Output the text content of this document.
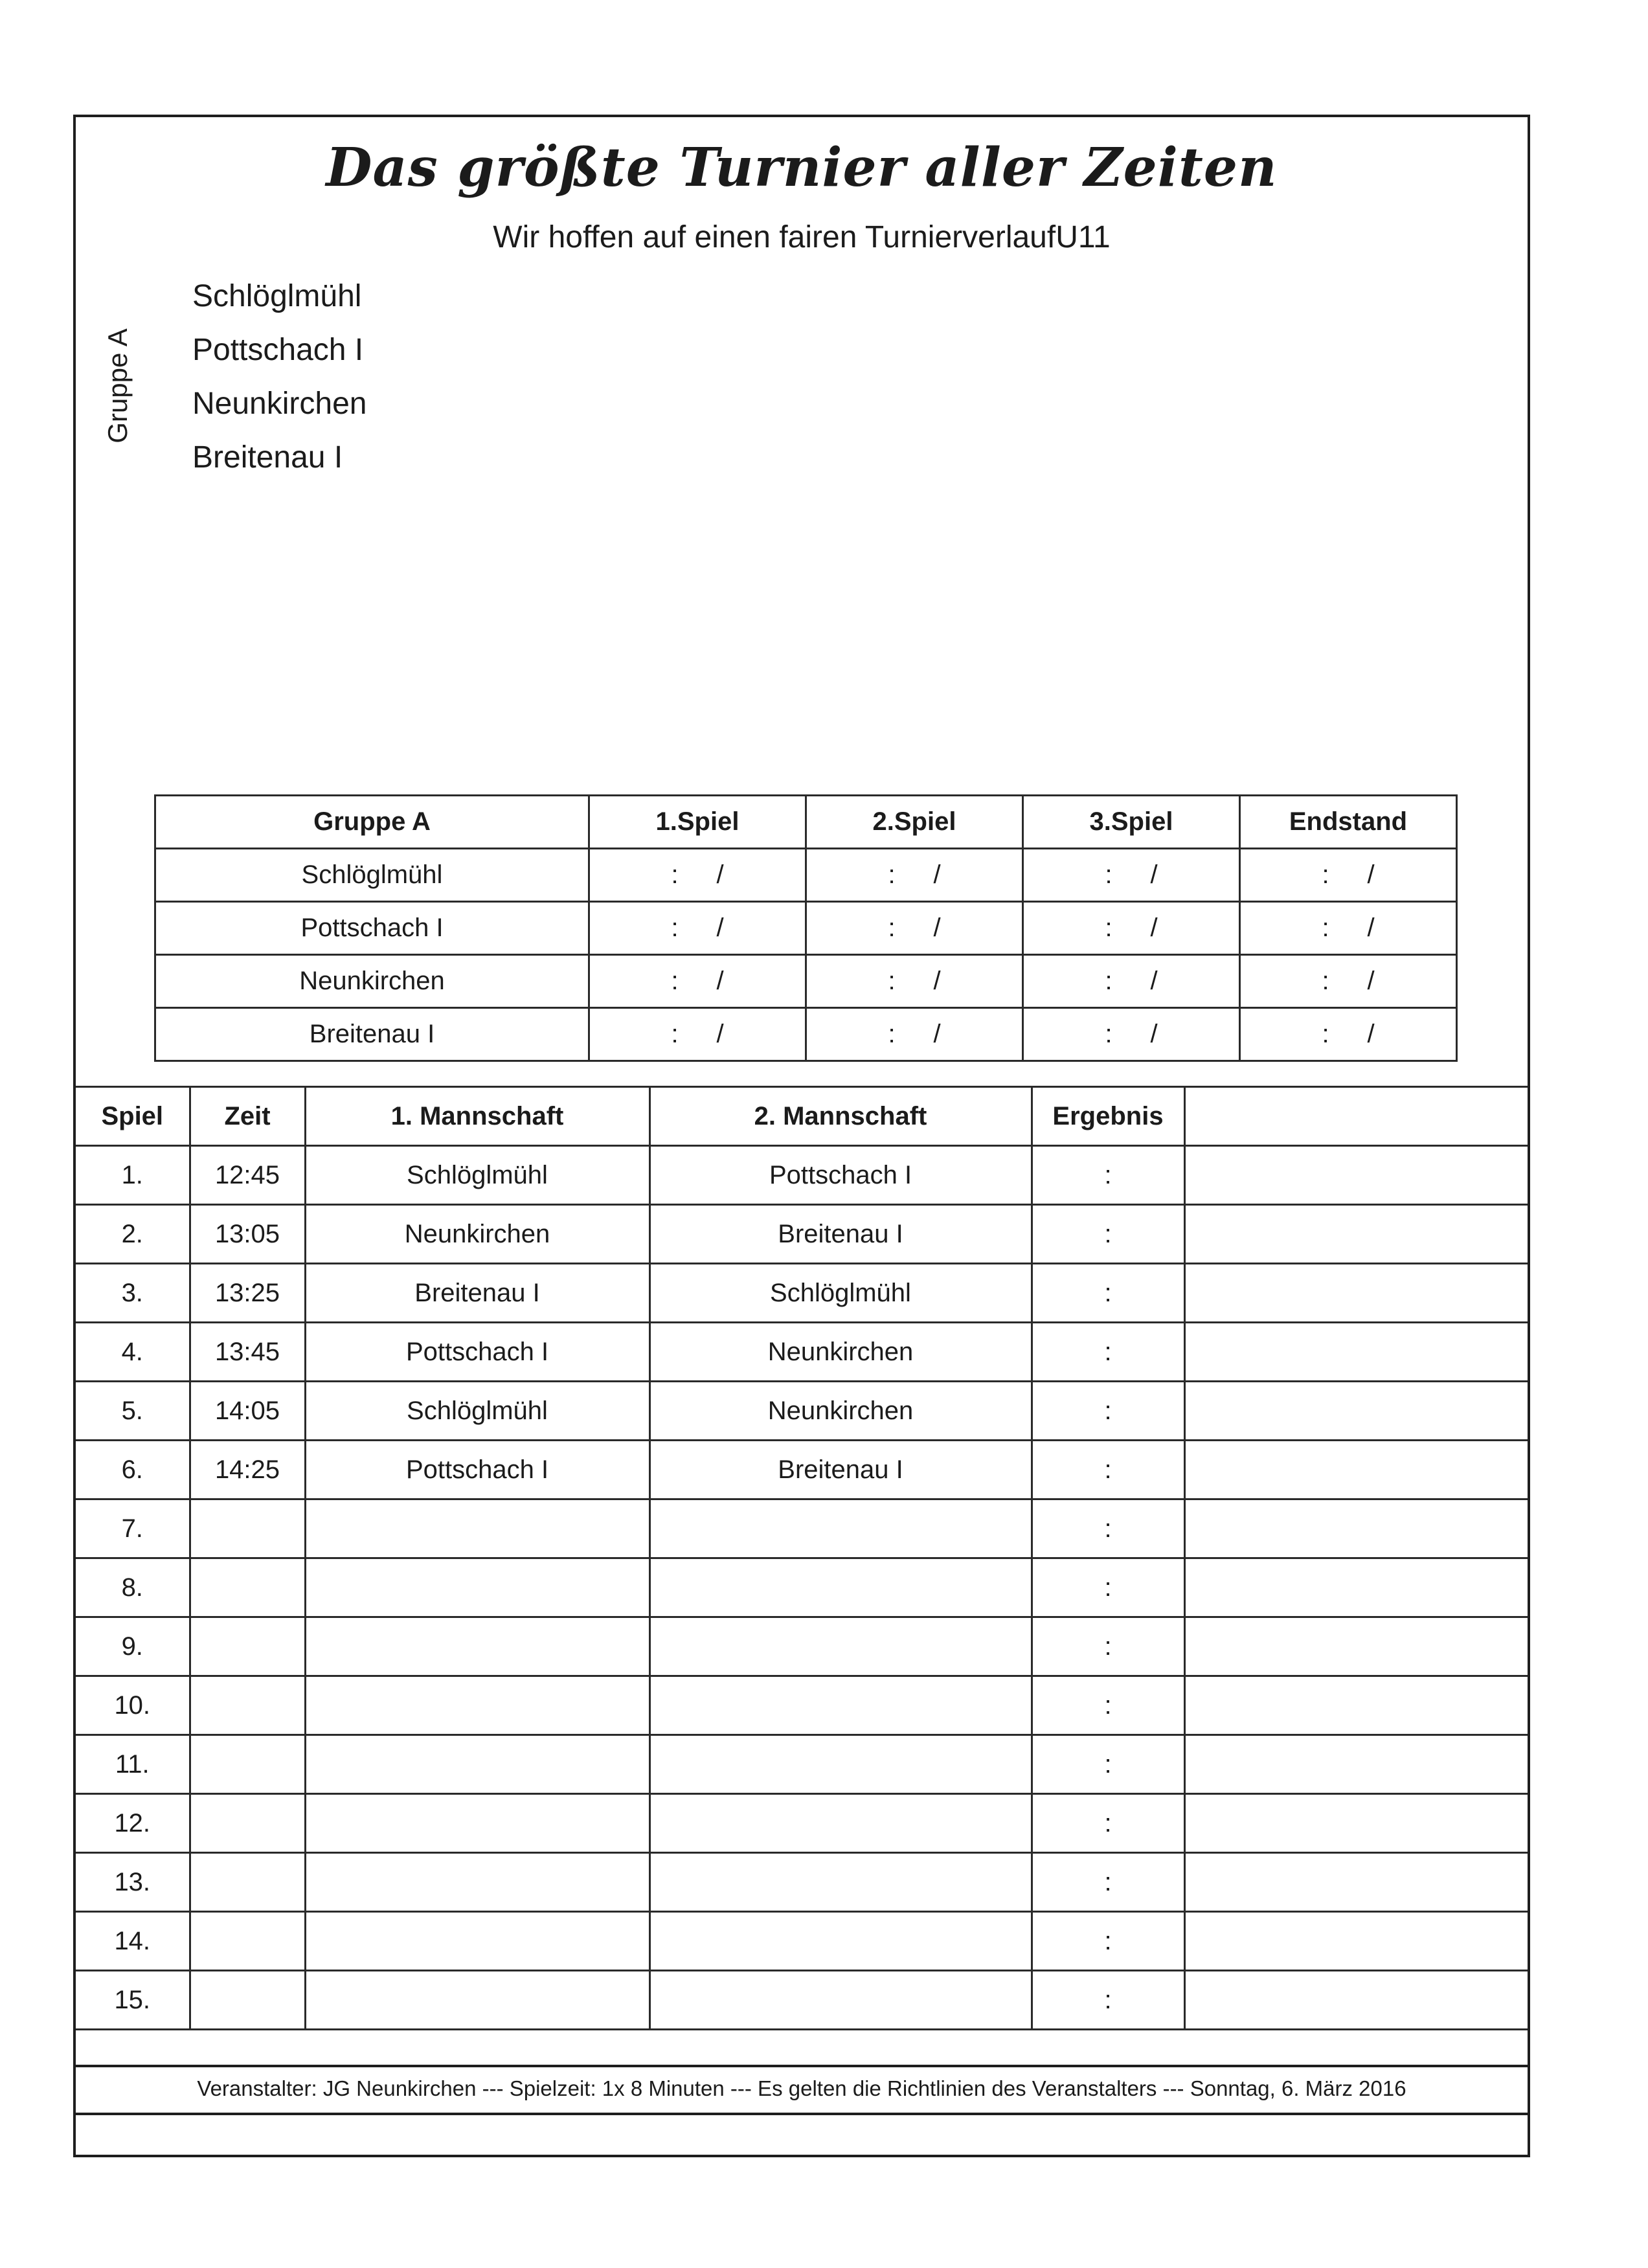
Das größte Turnier aller Zeiten
Wir hoffen auf einen fairen TurnierverlaufU11
Gruppe A
Schlöglmühl
Pottschach I
Neunkirchen
Breitenau I
Gruppe A	1.Spiel	2.Spiel	3.Spiel	Endstand
Schlöglmühl	: /	: /	: /	: /
Pottschach I	: /	: /	: /	: /
Neunkirchen	: /	: /	: /	: /
Breitenau I	: /	: /	: /	: /
Spiel	Zeit	1. Mannschaft	2. Mannschaft	Ergebnis	
1.	12:45	Schlöglmühl	Pottschach I	:	
2.	13:05	Neunkirchen	Breitenau I	:	
3.	13:25	Breitenau I	Schlöglmühl	:	
4.	13:45	Pottschach I	Neunkirchen	:	
5.	14:05	Schlöglmühl	Neunkirchen	:	
6.	14:25	Pottschach I	Breitenau I	:	
7.				:	
8.				:	
9.				:	
10.				:	
11.				:	
12.				:	
13.				:	
14.				:	
15.				:	
Veranstalter: JG Neunkirchen --- Spielzeit: 1x 8 Minuten --- Es gelten die Richtlinien des Veranstalters --- Sonntag, 6. März 2016
